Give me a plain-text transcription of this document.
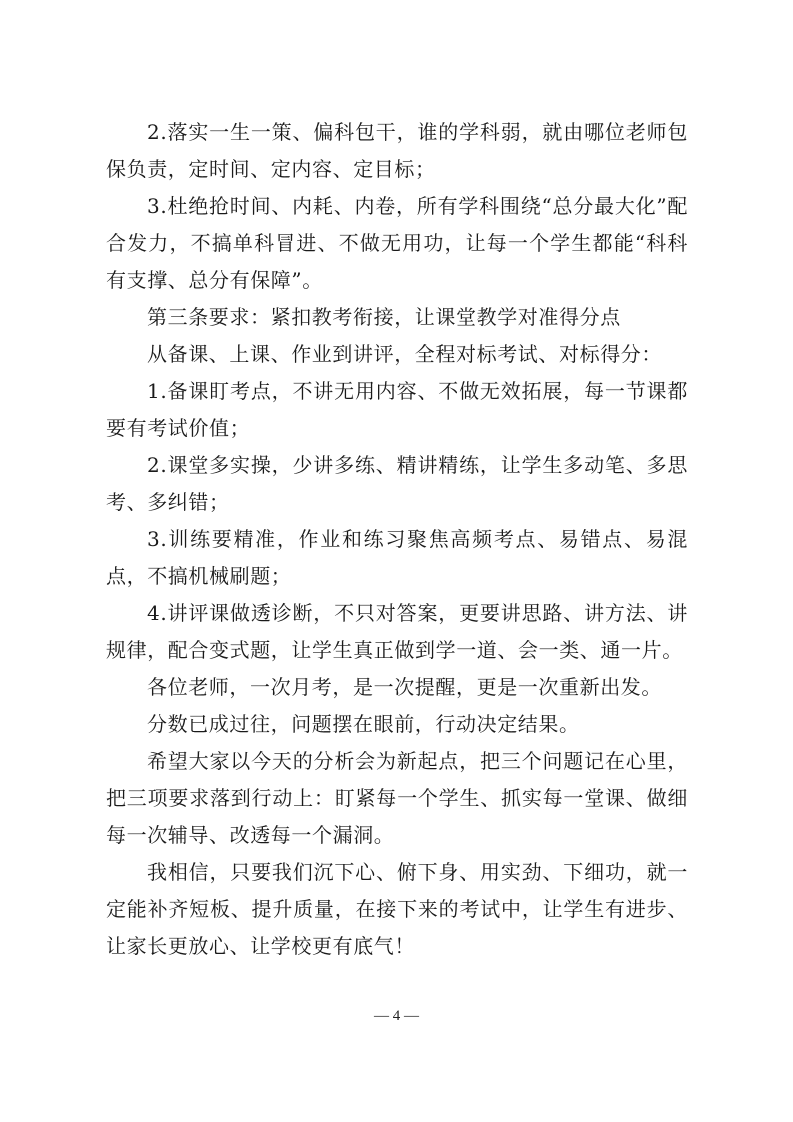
2.落实一生一策、偏科包干，谁的学科弱，就由哪位老师包保负责，定时间、定内容、定目标；

3.杜绝抢时间、内耗、内卷，所有学科围绕“总分最大化”配合发力，不搞单科冒进、不做无用功，让每一个学生都能“科科有支撑、总分有保障”。

第三条要求：紧扣教考衔接，让课堂教学对准得分点

从备课、上课、作业到讲评，全程对标考试、对标得分：

1.备课盯考点，不讲无用内容、不做无效拓展，每一节课都要有考试价值；

2.课堂多实操，少讲多练、精讲精练，让学生多动笔、多思考、多纠错；

3.训练要精准，作业和练习聚焦高频考点、易错点、易混点，不搞机械刷题；

4.讲评课做透诊断，不只对答案，更要讲思路、讲方法、讲规律，配合变式题，让学生真正做到学一道、会一类、通一片。

各位老师，一次月考，是一次提醒，更是一次重新出发。

分数已成过往，问题摆在眼前，行动决定结果。

希望大家以今天的分析会为新起点，把三个问题记在心里，把三项要求落到行动上：盯紧每一个学生、抓实每一堂课、做细每一次辅导、改透每一个漏洞。

我相信，只要我们沉下心、俯下身、用实劲、下细功，就一定能补齐短板、提升质量，在接下来的考试中，让学生有进步、让家长更放心、让学校更有底气！

— 4 —
